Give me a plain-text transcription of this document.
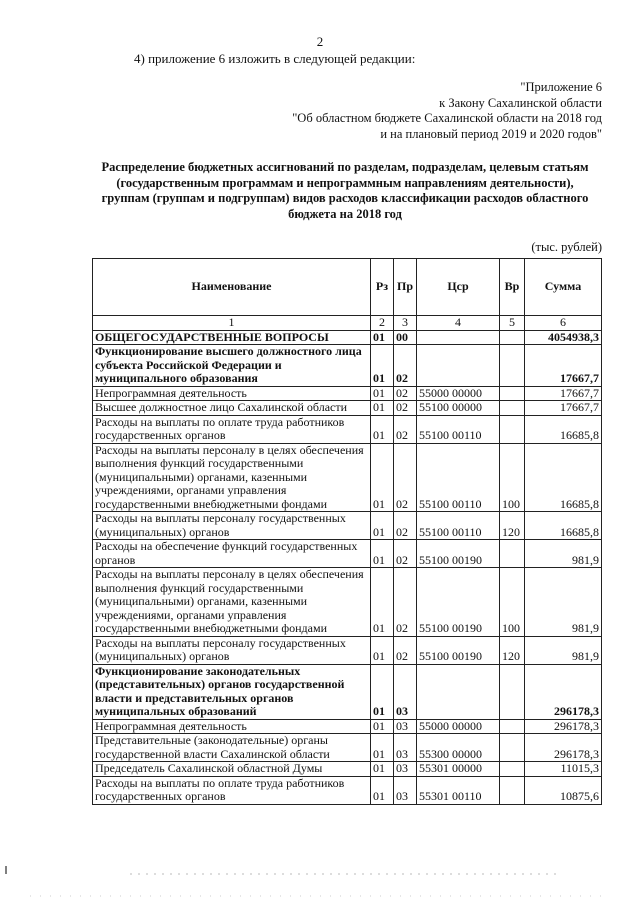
2
4) приложение 6 изложить в следующей редакции:
"Приложение 6
к Закону Сахалинской области
"Об областном бюджете Сахалинской области на 2018 год
и на плановый период 2019 и 2020 годов"
Распределение бюджетных ассигнований по разделам, подразделам, целевым статьям
(государственным программам и непрограммным направлениям деятельности),
группам (группам и подгруппам) видов расходов классификации расходов областного
бюджета на 2018 год
(тыс. рублей)
Наименование	Рз	Пр	Цср	Вр	Сумма
1	2	3	4	5	6
ОБЩЕГОСУДАРСТВЕННЫЕ ВОПРОСЫ	01	00			4054938,3
Функционирование высшего должностного лица субъекта Российской Федерации и муниципального образования	01	02			17667,7
Непрограммная деятельность	01	02	55000 00000		17667,7
Высшее должностное лицо Сахалинской области	01	02	55100 00000		17667,7
Расходы на выплаты по оплате труда работников государственных органов	01	02	55100 00110		16685,8
Расходы на выплаты персоналу в целях обеспечения выполнения функций государственными (муниципальными) органами, казенными учреждениями, органами управления государственными внебюджетными фондами	01	02	55100 00110	100	16685,8
Расходы на выплаты персоналу государственных (муниципальных) органов	01	02	55100 00110	120	16685,8
Расходы на обеспечение функций государственных органов	01	02	55100 00190		981,9
Расходы на выплаты персоналу в целях обеспечения выполнения функций государственными (муниципальными) органами, казенными учреждениями, органами управления государственными внебюджетными фондами	01	02	55100 00190	100	981,9
Расходы на выплаты персоналу государственных (муниципальных) органов	01	02	55100 00190	120	981,9
Функционирование законодательных (представительных) органов государственной власти и представительных органов муниципальных образований	01	03			296178,3
Непрограммная деятельность	01	03	55000 00000		296178,3
Представительные (законодательные) органы государственной власти Сахалинской области	01	03	55300 00000		296178,3
Председатель Сахалинской областной Думы	01	03	55301 00000		11015,3
Расходы на выплаты по оплате труда работников государственных органов	01	03	55301 00110		10875,6
